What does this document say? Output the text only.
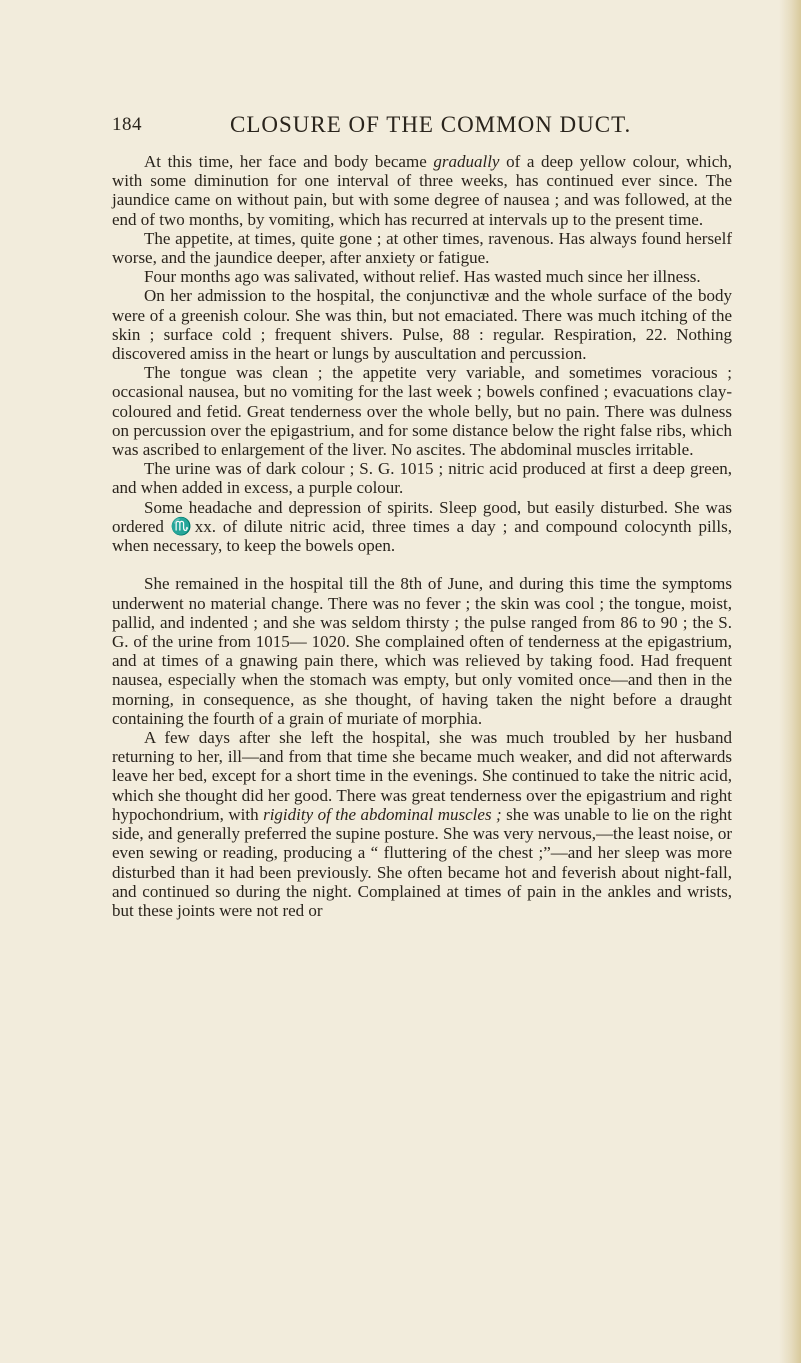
184	CLOSURE OF THE COMMON DUCT.

At this time, her face and body became gradually of a deep yellow colour, which, with some diminution for one interval of three weeks, has continued ever since. The jaundice came on without pain, but with some degree of nausea ; and was followed, at the end of two months, by vomiting, which has recurred at intervals up to the present time.

The appetite, at times, quite gone ; at other times, ravenous. Has always found herself worse, and the jaundice deeper, after anxiety or fatigue.

Four months ago was salivated, without relief. Has wasted much since her illness.

On her admission to the hospital, the conjunctivæ and the whole surface of the body were of a greenish colour. She was thin, but not emaciated. There was much itching of the skin ; surface cold ; frequent shivers. Pulse, 88 : regular. Respiration, 22. Nothing discovered amiss in the heart or lungs by auscultation and percussion.

The tongue was clean ; the appetite very variable, and sometimes voracious ; occasional nausea, but no vomiting for the last week ; bowels confined ; evacuations clay-coloured and fetid. Great tenderness over the whole belly, but no pain. There was dulness on percussion over the epigastrium, and for some distance below the right false ribs, which was ascribed to enlargement of the liver. No ascites. The abdominal muscles irritable.

The urine was of dark colour ; S. G. 1015 ; nitric acid produced at first a deep green, and when added in excess, a purple colour.

Some headache and depression of spirits. Sleep good, but easily disturbed. She was ordered ♏xx. of dilute nitric acid, three times a day ; and compound colocynth pills, when necessary, to keep the bowels open.

She remained in the hospital till the 8th of June, and during this time the symptoms underwent no material change. There was no fever ; the skin was cool ; the tongue, moist, pallid, and indented ; and she was seldom thirsty ; the pulse ranged from 86 to 90 ; the S. G. of the urine from 1015— 1020. She complained often of tenderness at the epigastrium, and at times of a gnawing pain there, which was relieved by taking food. Had frequent nausea, especially when the stomach was empty, but only vomited once—and then in the morning, in consequence, as she thought, of having taken the night before a draught containing the fourth of a grain of muriate of morphia.

A few days after she left the hospital, she was much troubled by her husband returning to her, ill—and from that time she became much weaker, and did not afterwards leave her bed, except for a short time in the evenings. She continued to take the nitric acid, which she thought did her good. There was great tenderness over the epigastrium and right hypochondrium, with rigidity of the abdominal muscles ; she was unable to lie on the right side, and generally preferred the supine posture. She was very nervous,—the least noise, or even sewing or reading, producing a “ fluttering of the chest ;”—and her sleep was more disturbed than it had been previously. She often became hot and feverish about night-fall, and continued so during the night. Complained at times of pain in the ankles and wrists, but these joints were not red or
